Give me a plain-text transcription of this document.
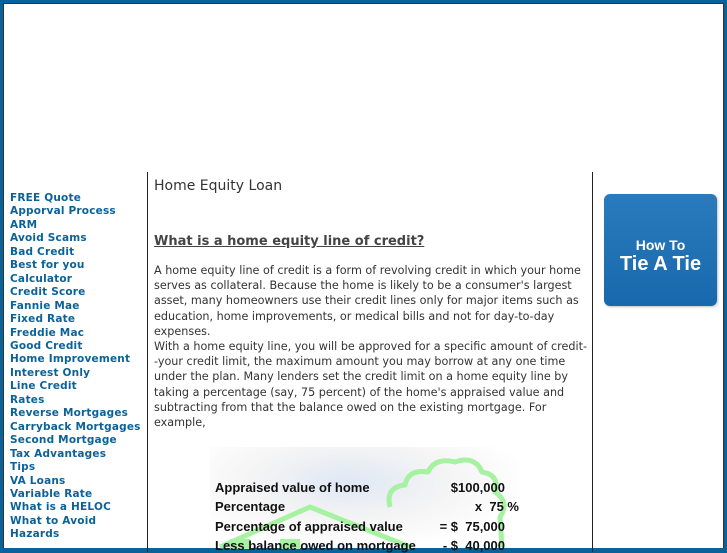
FREE Quote
Apporval Process
ARM
Avoid Scams
Bad Credit
Best for you
Calculator
Credit Score
Fannie Mae
Fixed Rate
Freddie Mac
Good Credit
Home Improvement
Interest Only
Line Credit
Rates
Reverse Mortgages
Carryback Mortgages
Second Mortgage
Tax Advantages
Tips
VA Loans
Variable Rate
What is a HELOC
What to Avoid
Hazards
Home Equity Loan
What is a home equity line of credit?

A home equity line of credit is a form of revolving credit in which your home serves as collateral. Because the home is likely to be a consumer's largest asset, many homeowners use their credit lines only for major items such as education, home improvements, or medical bills and not for day-to-day expenses.

With a home equity line, you will be approved for a specific amount of credit--your credit limit, the maximum amount you may borrow at any one time under the plan. Many lenders set the credit limit on a home equity line by taking a percentage (say, 75 percent) of the home's appraised value and subtracting from that the balance owed on the existing mortgage. For example,

Appraised value of home	$100,000
Percentage	x  75 %
Percentage of appraised value	= $  75,000
Less balance owed on mortgage - $  40,000
How To
Tie A Tie
